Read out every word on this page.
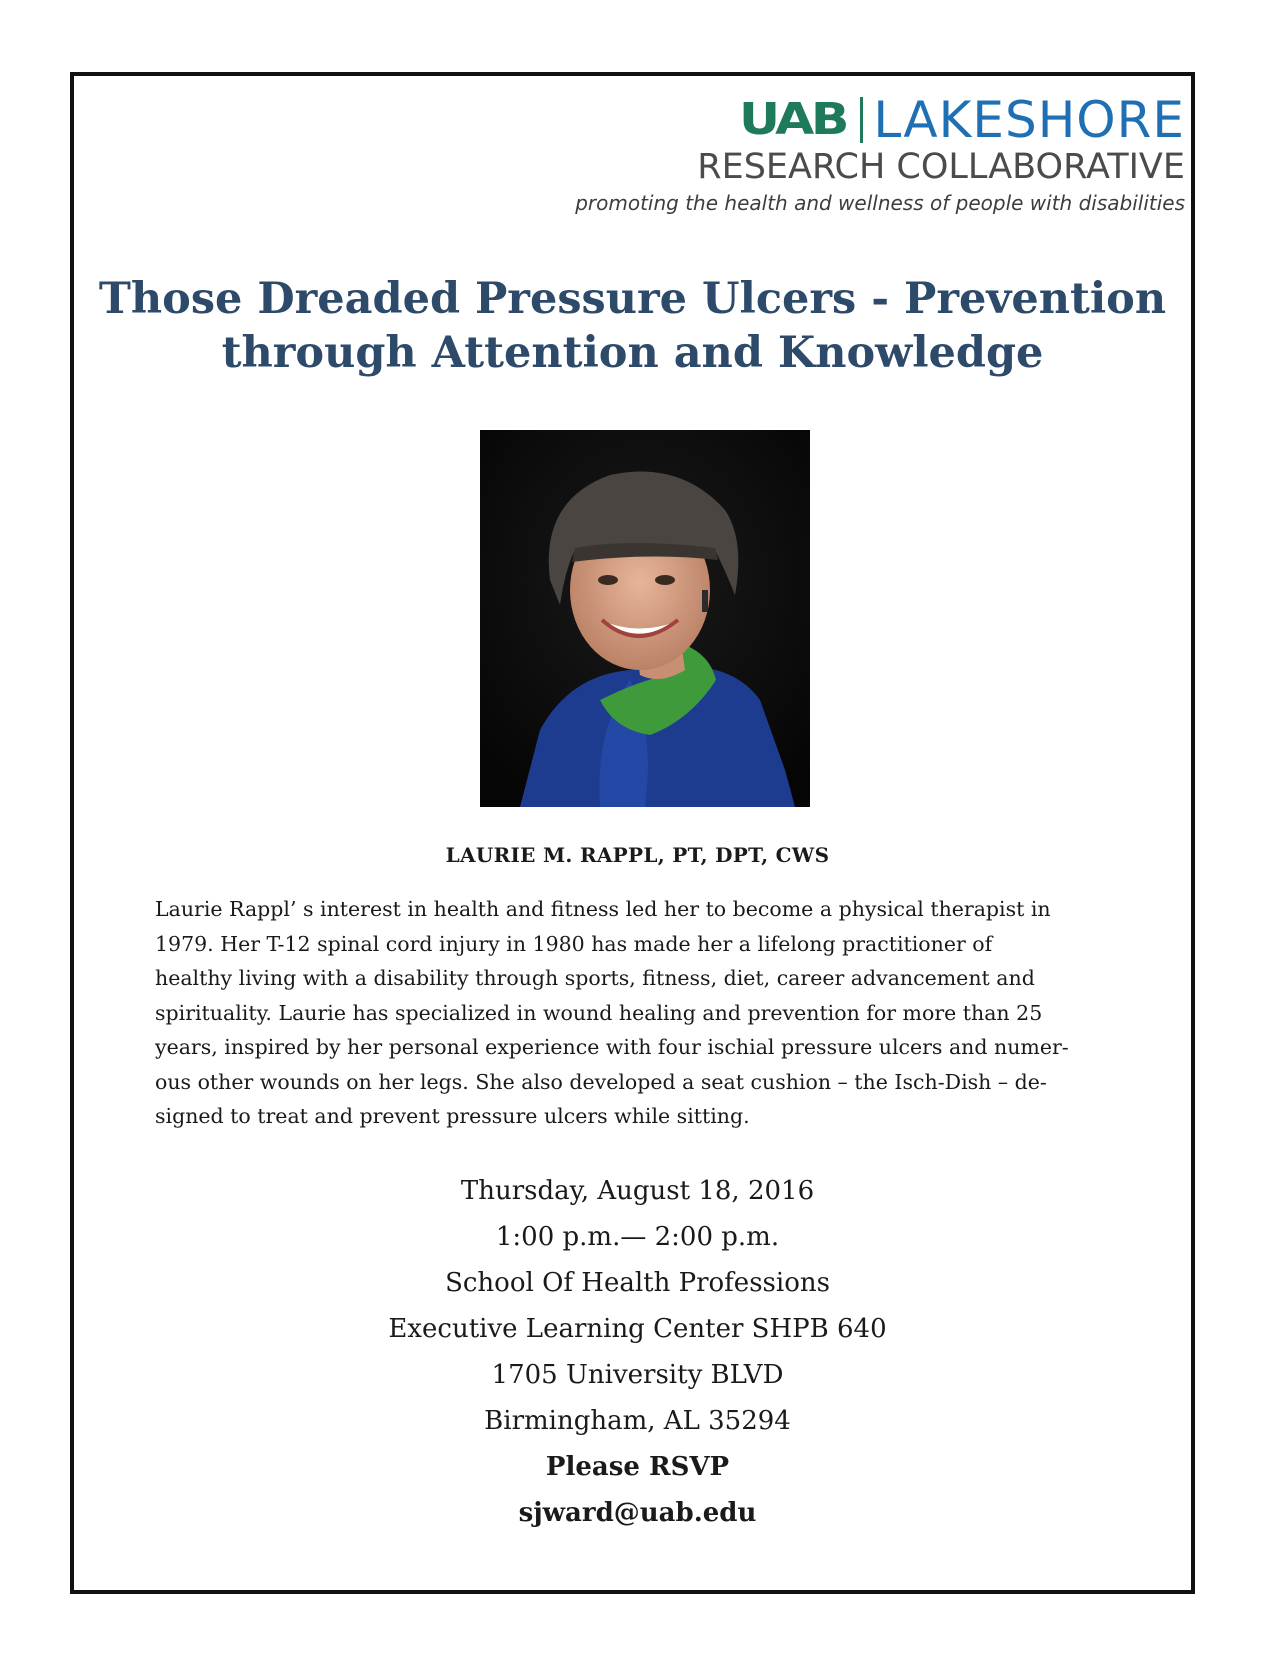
UAB LAKESHORE
RESEARCH COLLABORATIVE
promoting the health and wellness of people with disabilities
Those Dreaded Pressure Ulcers - Prevention
through Attention and Knowledge
LAURIE M. RAPPL, PT, DPT, CWS
Laurie Rappl’ s interest in health and fitness led her to become a physical therapist in
1979. Her T-12 spinal cord injury in 1980 has made her a lifelong practitioner of
healthy living with a disability through sports, fitness, diet, career advancement and
spirituality. Laurie has specialized in wound healing and prevention for more than 25
years, inspired by her personal experience with four ischial pressure ulcers and numer-
ous other wounds on her legs. She also developed a seat cushion – the Isch-Dish – de-
signed to treat and prevent pressure ulcers while sitting.
Thursday, August 18, 2016
1:00 p.m.— 2:00 p.m.
School Of Health Professions
Executive Learning Center SHPB 640
1705 University BLVD
Birmingham, AL 35294
Please RSVP
sjward@uab.edu
